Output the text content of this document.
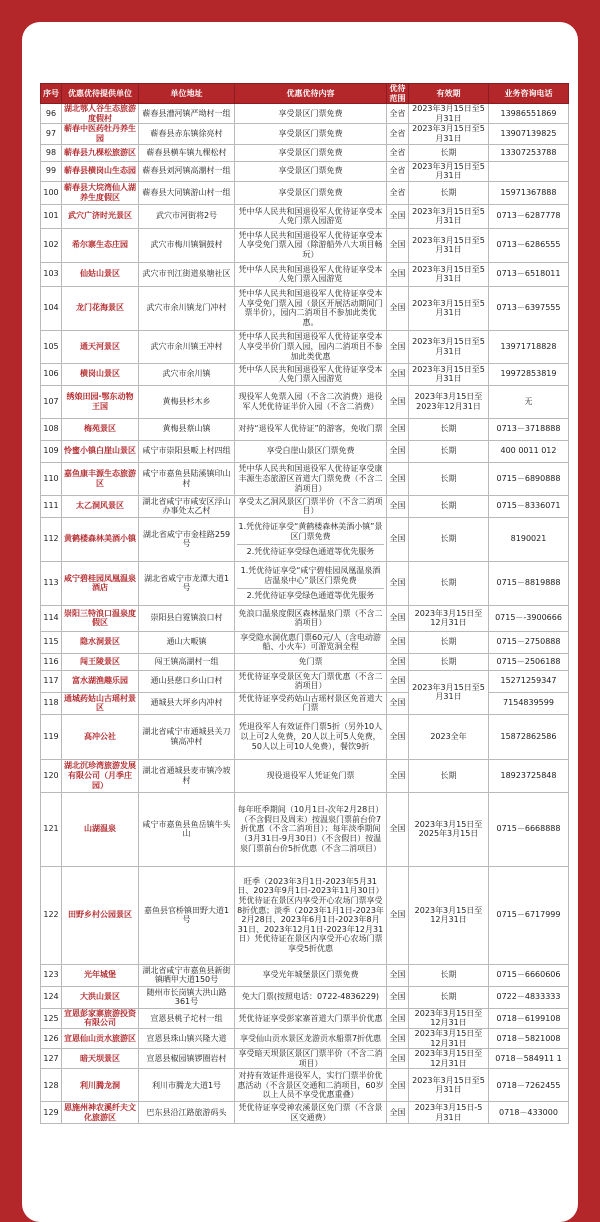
序号	优惠优待提供单位	单位地址	优惠优待内容	优待范围	有效期	业务咨询电话
96	湖北鄂人谷生态旅游度假村	蕲春县漕河镇严坳村一组	享受景区门票免费	全省	2023年3月15日至5月31日	13986551869
97	蕲春中医药牡丹养生园	蕲春县赤东镇徐亮村	享受景区门票免费	全省	2023年3月15日至5月31日	13907139825
98	蕲春县九棵松旅游区	蕲春县横车镇九棵松村	享受景区门票免费	全省	长期	13307253788
99	蕲春县横岗山生态园	蕲春县刘河镇高潮村一组	享受景区门票免费	全省	2023年3月15日至5月31日	
100	蕲春县大垸湾仙人湖养生度假区	蕲春县大同镇游山村一组	享受景区门票免费	全省	长期	15971367888
101	武穴广济时光景区	武穴市河街将2号	凭中华人民共和国退役军人优待证享受本人免门票入园游览	全国	2023年3月15日至5月31日	0713－6287778
102	希尔寨生态庄园	武穴市梅川镇铜鼓村	凭中华人民共和国退役军人优待证享受本人享受免门票入园（除游船外八大项目畅玩）	全国	2023年3月15日至5月31日	0713－6286555
103	仙姑山景区	武穴市刊江街道泉塘社区	凭中华人民共和国退役军人优待证享受本人免门票入园游览	全国	2023年3月15日至5月31日	0713－6518011
104	龙门花海景区	武穴市余川镇龙门冲村	凭中华人民共和国退役军人优待证享受本人享受免门票入园（景区开展活动期间门票半价），园内二消项目不参加此类优惠。	全国	2023年3月15日至5月31日	0713－6397555
105	通天河景区	武穴市余川镇王冲村	凭中华人民共和国退役军人优待证享受本人享受半价门票入园，园内二消项目不参加此类优惠	全国	2023年3月15日至5月31日	13971718828
106	横岗山景区	武穴市余川镇	凭中华人民共和国退役军人优待证享受本人免门票入园游览	全国	2023年3月15日至5月31日	19972853819
107	绣娘田园·鄂东动物王国	黄梅县杉木乡	现役军人免票入园（不含二次消费）退役军人凭优待证半价入园（不含二消费）	全国	2023年3月15日至2023年12月31日	无
108	梅苑景区	黄梅县蔡山镇	对持“退役军人优待证”的游客，免收门票	全国	长期	0713－3718888
109	怜蜜小镇白崖山景区	咸宁市崇阳县畈上村四组	享受白崖山景区门票免费	全国	长期	400 0011 012
110	嘉鱼康丰源生态旅游区	咸宁市嘉鱼县陆溪镇印山村	凭中华人民共和国退役军人优待证享受康丰源生态旅游区首道大门票免费（不含二消项目）	全国	长期	0715－6890888
111	太乙洞风景区	湖北省咸宁市咸安区浮山办事处太乙村	享受太乙洞风景区门票半价（不含二消项目）	全国	长期	0715－8336071
112	黄鹤楼森林美酒小镇	湖北省咸宁市金桂路259号	1.凭优待证享受“黄鹤楼森林美酒小镇”景区门票免费
2.凭优待证享受绿色通道等优先服务	全国	长期	8190021
113	咸宁碧桂园凤凰温泉酒店	湖北省咸宁市龙潭大道1号	1.凭优待证享受“咸宁碧桂园凤凰温泉酒店温泉中心”景区门票免费
2.凭优待证享受绿色通道等优先服务	全国	长期	0715－8819888
114	崇阳三特浪口温泉度假区	崇阳县白霓镇浪口村	免浪口温泉度假区森林温泉门票（不含二消项目）	全国	2023年3月15日至12月31日	0715－-3900666
115	隐水洞景区	通山大畈镇	享受隐水洞优惠门票60元/人（含电动游船、小火车）可游览洞全程	全国	长期	0715－2750888
116	闯王陵景区	闯王镇高湖村一组	免门票	全国	长期	0715－2506188
117	富水湖渔趣乐园	通山县慈口乡山口村	凭优待证享受景区免大门票优惠（不含二消项目）	全国	2023年3月15日至5月31日	15271259347
118	通城药姑山古瑶村景区	通城县大坪乡内冲村	凭优待证享受药姑山古瑶村景区免首道大门票	全国		7154839599
119	高冲公社	湖北省咸宁市通城县关刀镇高冲村	凭退役军人有效证件门票5折（另外10人以上可2人免费，20人以上可5人免费，50人以上可10人免费），餐饮9折	全国	2023全年	15872862586
120	湖北沉珍湾旅游发展有限公司（月季庄园）	湖北省通城县麦市镇冷坡村	现役退役军人凭证免门票	全国	长期	18923725848
121	山湖温泉	咸宁市嘉鱼县鱼岳镇牛头山	每年旺季期间（10月1日-次年2月28日）（不含假日及周末）按温泉门票前台价7折优惠（不含二消项目）；每年淡季期间（3月31日-9月30日）（不含假日）按温泉门票前台价5折优惠（不含二消项目）	全国	2023年3月15日至2025年3月15日	0715－6668888
122	田野乡村公园景区	嘉鱼县官桥镇田野大道1号	旺季（2023年3月1日-2023年5月31日、2023年9月1日-2023年11月30日）凭优待证在景区内享受开心农场门票享受8折优惠；淡季（2023年1月1日-2023年2月28日、2023年6月1日-2023年8月31日、2023年12月1日-2023年12月31日）凭优待证在景区内享受开心农场门票享受5折优惠	全国	2023年3月15日至12月31日	0715－6717999
123	光年城堡	湖北省咸宁市嘉鱼县新街镇晒甲大道150号	享受光年城堡景区门票免费	全国	长期	0715－6660606
124	大洪山景区	随州市长岗镇大洪山路361号	免大门票(按照电话：0722-4836229)	全国	长期	0722－4833333
125	宣恩彭家寨旅游投资有限公司	宣恩县桃子坨村一组	凭优待证享受彭家寨首道大门票半价优惠	全国	2023年3月15日至12月31日	0718－6199108
126	宣恩仙山贡水旅游区	宣恩县珠山镇兴隆大道	享受仙山贡水景区龙游贡水船票7折优惠	全国	2023年3月15日至12月31日	0718－5821008
127	暗天坝景区	宣恩县椒园镇锣圈岩村	享受暗天坝景区景区门票半价（不含二消项目）	全国	2023年3月15日至12月31日	0718－584911 1
128	利川腾龙洞	利川市腾龙大道1号	对持有效证件退役军人，实行门票半价优惠活动（不含景区交通和二消项目，60岁以上人员不享受优惠重叠）	全国	2023年3月15日至5月31日	0718－7262455
129	恩施州神农溪纤夫文化旅游区	巴东县沿江路旅游码头	凭优待证享受神农溪景区免门票（不含景区交通费）	全国	2023年3月15日-5月31日	0718－433000
